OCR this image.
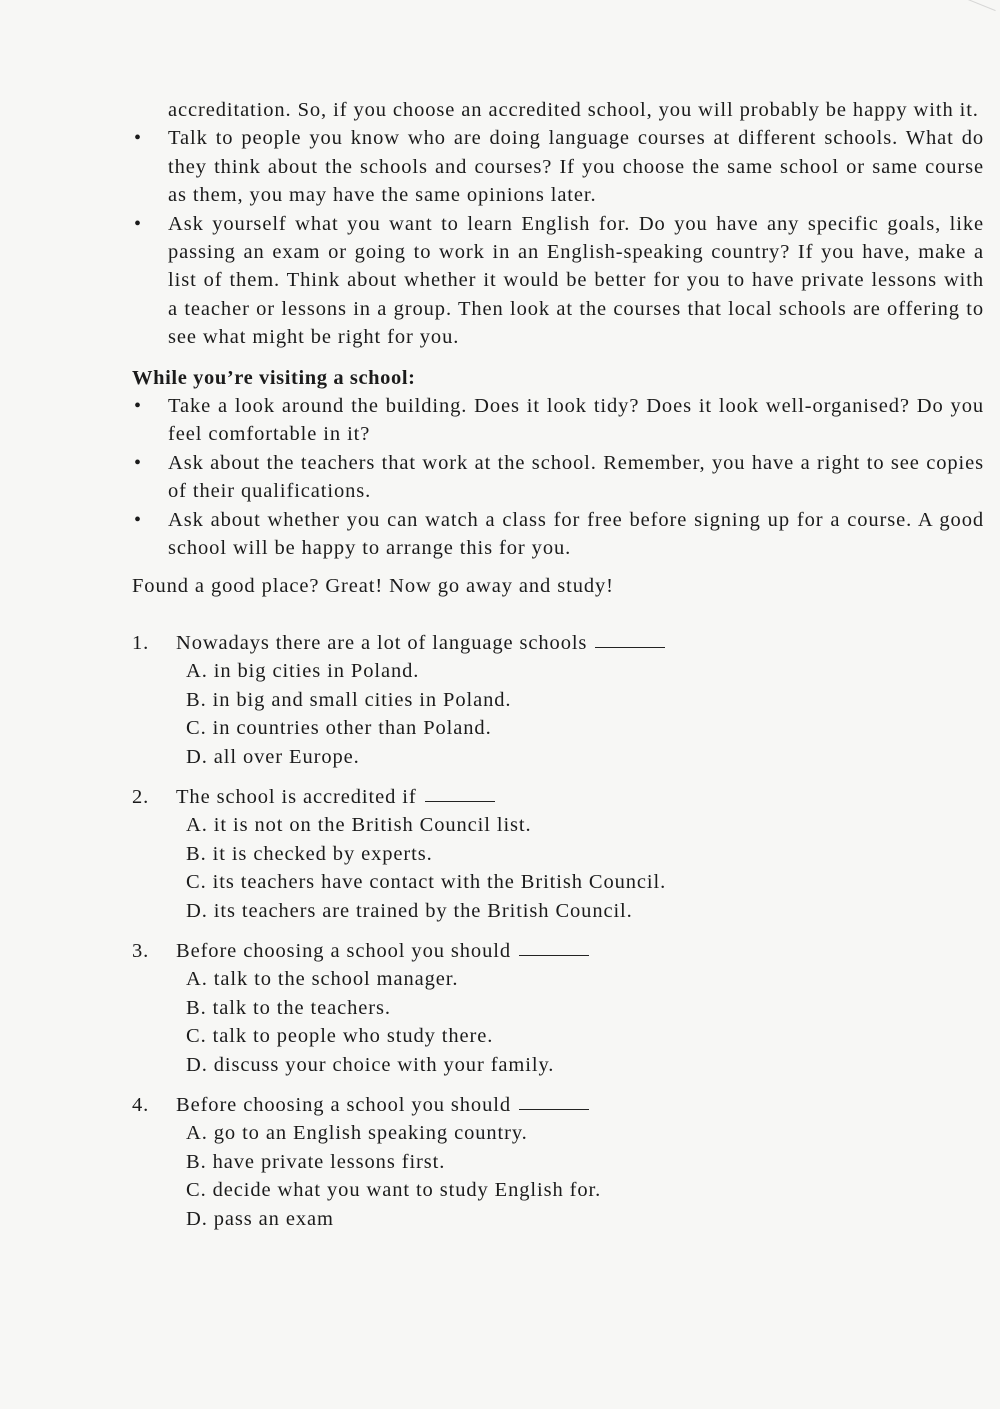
accreditation. So, if you choose an accredited school, you will probably be happy with it.
•	Talk to people you know who are doing language courses at different schools. What do they think about the schools and courses? If you choose the same school or same course as them, you may have the same opinions later.
•	Ask yourself what you want to learn English for. Do you have any specific goals, like passing an exam or going to work in an English-speaking country? If you have, make a list of them. Think about whether it would be better for you to have private lessons with a teacher or lessons in a group. Then look at the courses that local schools are offering to see what might be right for you.
While you’re visiting a school:
•	Take a look around the building. Does it look tidy? Does it look well-organised? Do you feel comfortable in it?
•	Ask about the teachers that work at the school. Remember, you have a right to see copies of their qualifications.
•	Ask about whether you can watch a class for free before signing up for a course. A good school will be happy to arrange this for you.
Found a good place? Great! Now go away and study!
1.	Nowadays there are a lot of language schools
A. in big cities in Poland.
B. in big and small cities in Poland.
C. in countries other than Poland.
D. all over Europe.
2.	The school is accredited if
A. it is not on the British Council list.
B. it is checked by experts.
C. its teachers have contact with the British Council.
D. its teachers are trained by the British Council.
3.	Before choosing a school you should
A. talk to the school manager.
B. talk to the teachers.
C. talk to people who study there.
D. discuss your choice with your family.
4.	Before choosing a school you should
A. go to an English speaking country.
B. have private lessons first.
C. decide what you want to study English for.
D. pass an exam
